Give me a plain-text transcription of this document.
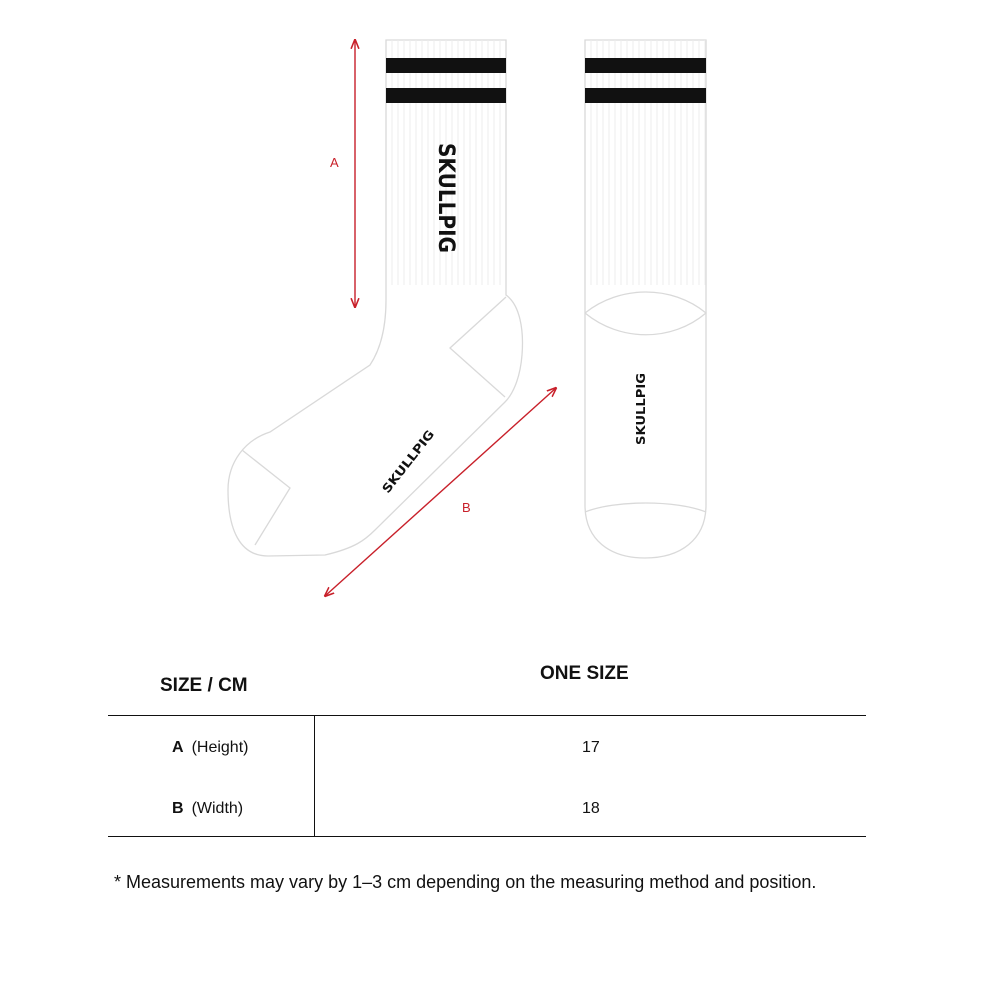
SKULLPIG
SKULLPIG
SKULLPIG
A
B
SIZE / CM
ONE SIZE
A (Height)	17
B (Width)	18
* Measurements may vary by 1–3 cm depending on the measuring method and position.
